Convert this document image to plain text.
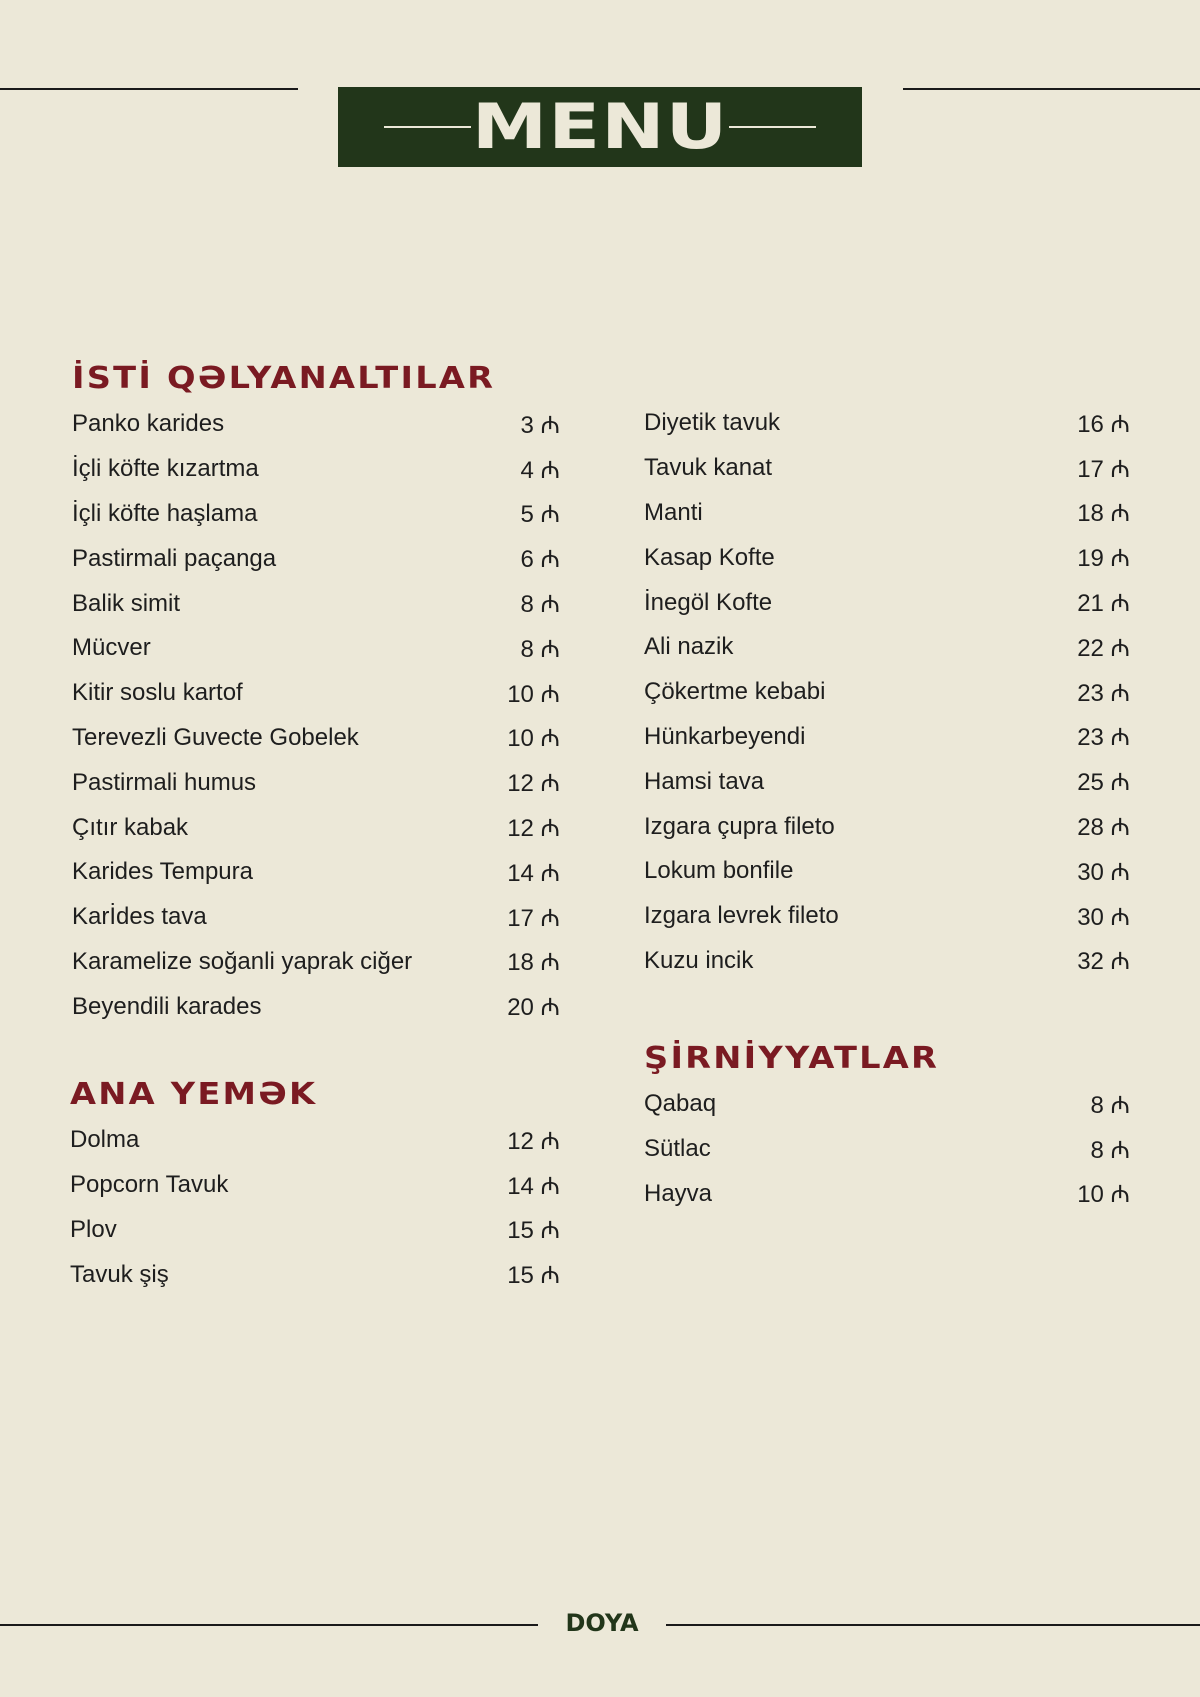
MENU
İSTİ QƏLYANALTILAR
Panko karides	3 ₼
İçli köfte kızartma	4 ₼
İçli köfte haşlama	5 ₼
Pastirmali paçanga	6 ₼
Balik simit	8 ₼
Mücver	8 ₼
Kitir soslu kartof	10 ₼
Terevezli Guvecte Gobelek	10 ₼
Pastirmali humus	12 ₼
Çıtır kabak	12 ₼
Karides Tempura	14 ₼
Karİdes tava	17 ₼
Karamelize soğanli yaprak ciğer	18 ₼
Beyendili karades	20 ₼
ANA YEMƏK
Dolma	12 ₼
Popcorn Tavuk	14 ₼
Plov	15 ₼
Tavuk şiş	15 ₼
Diyetik tavuk	16 ₼
Tavuk kanat	17 ₼
Manti	18 ₼
Kasap Kofte	19 ₼
İnegöl Kofte	21 ₼
Ali nazik	22 ₼
Çökertme kebabi	23 ₼
Hünkarbeyendi	23 ₼
Hamsi tava	25 ₼
Izgara çupra fileto	28 ₼
Lokum bonfile	30 ₼
Izgara levrek fileto	30 ₼
Kuzu incik	32 ₼
ŞİRNİYYATLAR
Qabaq	8 ₼
Sütlac	8 ₼
Hayva	10 ₼
DOYA
